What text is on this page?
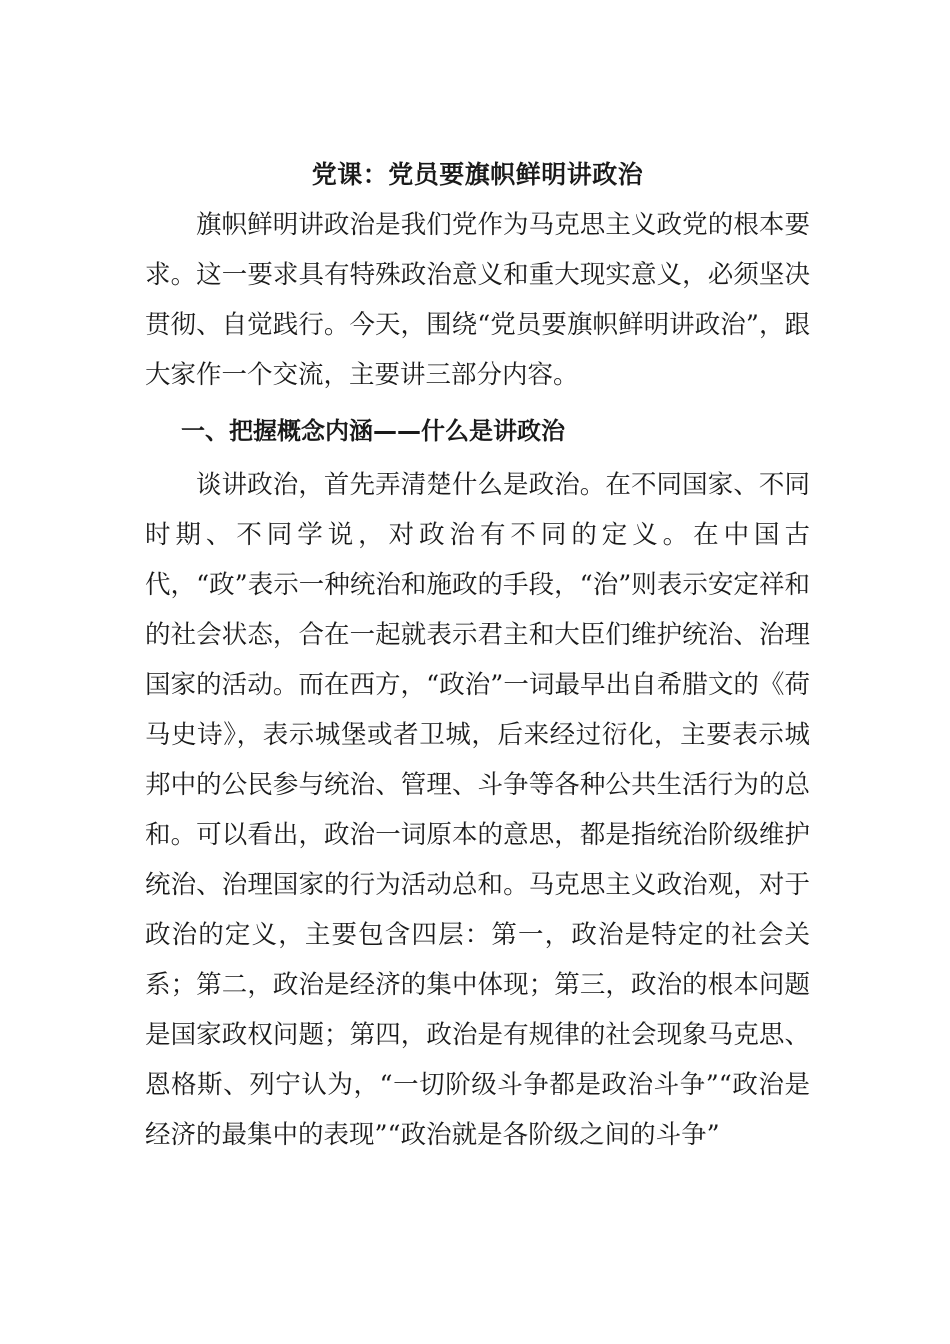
党课：党员要旗帜鲜明讲政治

旗帜鲜明讲政治是我们党作为马克思主义政党的根本要求。这一要求具有特殊政治意义和重大现实意义，必须坚决贯彻、自觉践行。今天，围绕“党员要旗帜鲜明讲政治”，跟大家作一个交流，主要讲三部分内容。

一、把握概念内涵——什么是讲政治

谈讲政治，首先弄清楚什么是政治。在不同国家、不同时期、不同学说，对政治有不同的定义。在中国古代，“政”表示一种统治和施政的手段，“治”则表示安定祥和的社会状态，合在一起就表示君主和大臣们维护统治、治理国家的活动。而在西方，“政治”一词最早出自希腊文的《荷马史诗》，表示城堡或者卫城，后来经过衍化，主要表示城邦中的公民参与统治、管理、斗争等各种公共生活行为的总和。可以看出，政治一词原本的意思，都是指统治阶级维护统治、治理国家的行为活动总和。马克思主义政治观，对于政治的定义，主要包含四层：第一，政治是特定的社会关系；第二，政治是经济的集中体现；第三，政治的根本问题是国家政权问题；第四，政治是有规律的社会现象马克思、恩格斯、列宁认为，“一切阶级斗争都是政治斗争”“政治是经济的最集中的表现”“政治就是各阶级之间的斗争”
